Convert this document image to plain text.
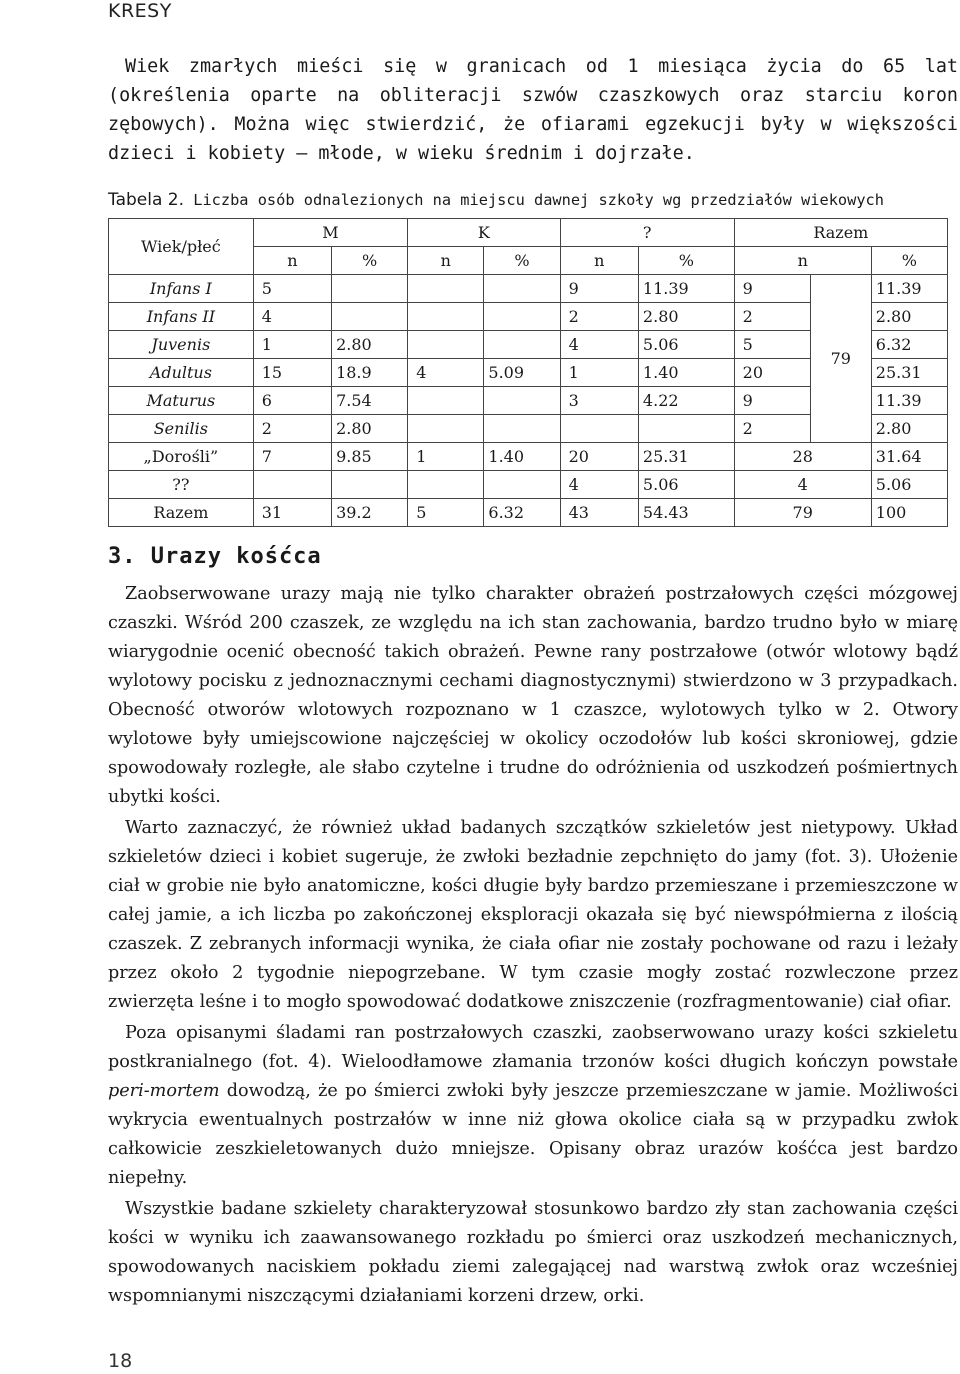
KRESY

Wiek zmarłych mieści się w granicach od 1 miesiąca życia do 65 lat (określenia oparte na obliteracji szwów czaszkowych oraz starciu koron zębowych). Można więc stwierdzić, że ofiarami egzekucji były w większości dzieci i kobiety – młode, w wieku średnim i dojrzałe.

Tabela 2. Liczba osób odnalezionych na miejscu dawnej szkoły wg przedziałów wiekowych
Wiek/płeć	M		K		?		Razem		
	n	%	n	%	n	%	n		%
Infans I	5				9	11.39	9	79	11.39
Infans II	4				2	2.80	2		2.80
Juvenis	1	2.80			4	5.06	5		6.32
Adultus	15	18.9	4	5.09	1	1.40	20		25.31
Maturus	6	7.54			3	4.22	9		11.39
Senilis	2	2.80					2		2.80
„Dorośli”	7	9.85	1	1.40	20	25.31	28		31.64
??					4	5.06	4		5.06
Razem	31	39.2	5	6.32	43	54.43	79		100
3. Urazy kośćca

Zaobserwowane urazy mają nie tylko charakter obrażeń postrzałowych części mózgowej czaszki. Wśród 200 czaszek, ze względu na ich stan zachowania, bardzo trudno było w miarę wiarygodnie ocenić obecność takich obrażeń. Pewne rany postrzałowe (otwór wlotowy bądź wylotowy pocisku z jednoznacznymi cechami diagnostycznymi) stwierdzono w 3 przypadkach. Obecność otworów wlotowych rozpoznano w 1 czaszce, wylotowych tylko w 2. Otwory wylotowe były umiejscowione najczęściej w okolicy oczodołów lub kości skroniowej, gdzie spowodowały rozległe, ale słabo czytelne i trudne do odróżnienia od uszkodzeń pośmiertnych ubytki kości.

Warto zaznaczyć, że również układ badanych szczątków szkieletów jest nietypowy. Układ szkieletów dzieci i kobiet sugeruje, że zwłoki bezładnie zepchnięto do jamy (fot. 3). Ułożenie ciał w grobie nie było anatomiczne, kości długie były bardzo przemieszane i przemieszczone w całej jamie, a ich liczba po zakończonej eksploracji okazała się być niewspółmierna z ilością czaszek. Z zebranych informacji wynika, że ciała ofiar nie zostały pochowane od razu i leżały przez około 2 tygodnie niepogrzebane. W tym czasie mogły zostać rozwleczone przez zwierzęta leśne i to mogło spowodować dodatkowe zniszczenie (rozfragmentowanie) ciał ofiar.

Poza opisanymi śladami ran postrzałowych czaszki, zaobserwowano urazy kości szkieletu postkranialnego (fot. 4). Wieloodłamowe złamania trzonów kości długich kończyn powstałe peri-mortem dowodzą, że po śmierci zwłoki były jeszcze przemieszczane w jamie. Możliwości wykrycia ewentualnych postrzałów w inne niż głowa okolice ciała są w przypadku zwłok całkowicie zeszkieletowanych dużo mniejsze. Opisany obraz urazów kośćca jest bardzo niepełny.

Wszystkie badane szkielety charakteryzował stosunkowo bardzo zły stan zachowania części kości w wyniku ich zaawansowanego rozkładu po śmierci oraz uszkodzeń mechanicznych, spowodowanych naciskiem pokładu ziemi zalegającej nad warstwą zwłok oraz wcześniej wspomnianymi niszczącymi działaniami korzeni drzew, orki.

18
